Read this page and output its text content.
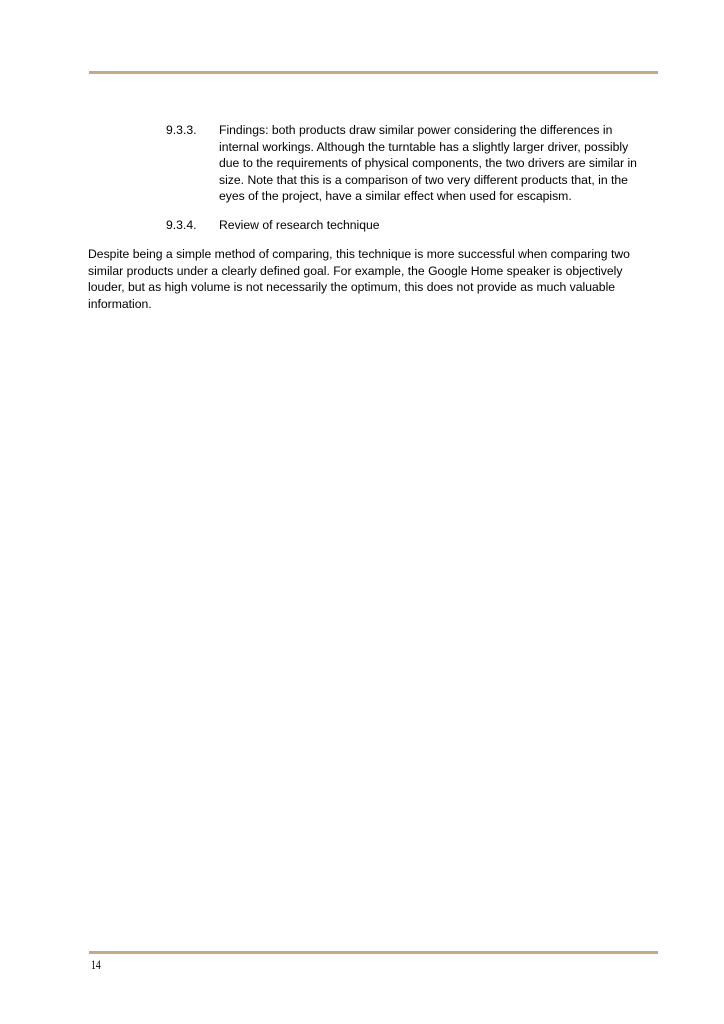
9.3.3. Findings: both products draw similar power considering the differences in internal workings. Although the turntable has a slightly larger driver, possibly due to the requirements of physical components, the two drivers are similar in size. Note that this is a comparison of two very different products that, in the eyes of the project, have a similar effect when used for escapism.
9.3.4. Review of research technique

Despite being a simple method of comparing, this technique is more successful when comparing two similar products under a clearly defined goal. For example, the Google Home speaker is objectively louder, but as high volume is not necessarily the optimum, this does not provide as much valuable information.

14
